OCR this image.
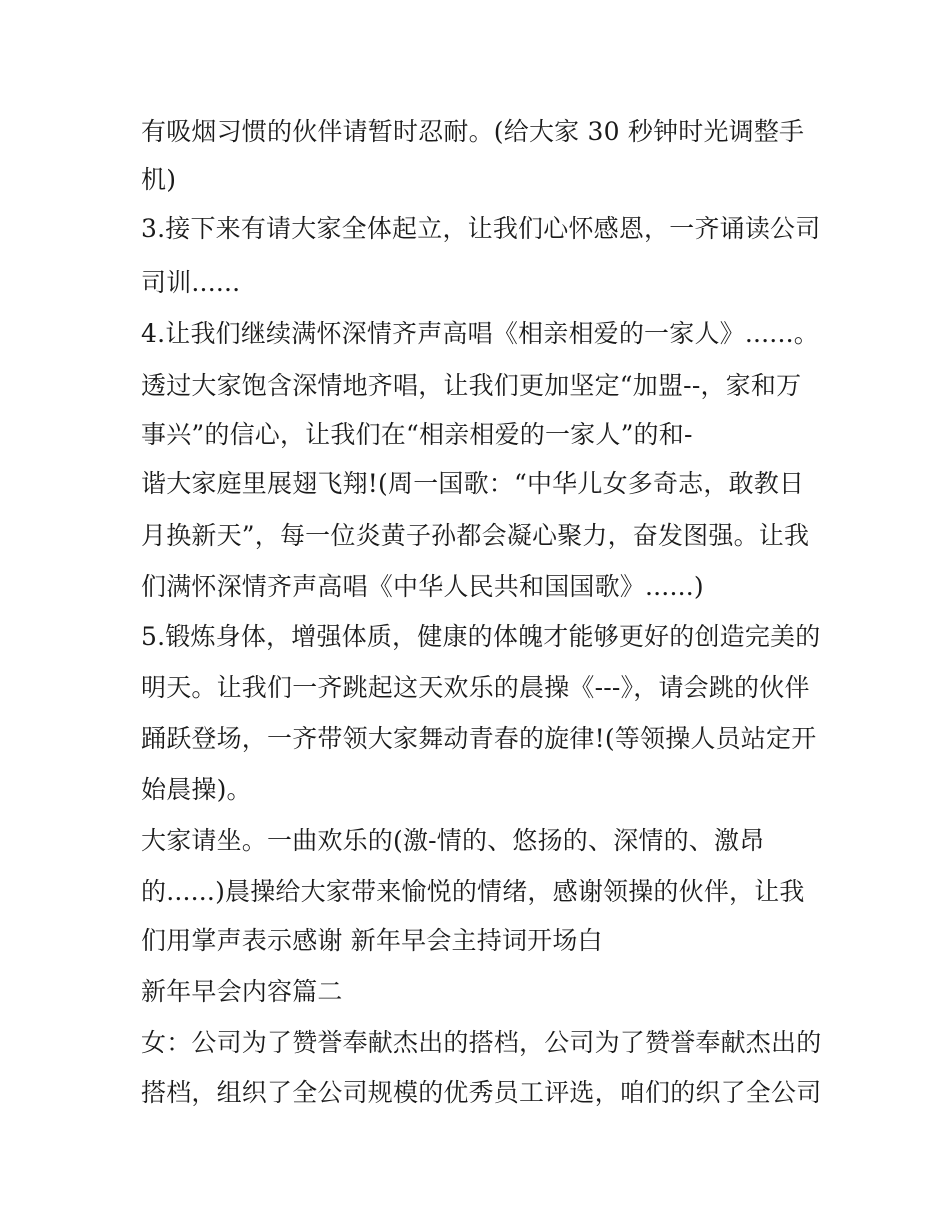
有吸烟习惯的伙伴请暂时忍耐。(给大家 30 秒钟时光调整手
机)
3.接下来有请大家全体起立，让我们心怀感恩，一齐诵读公司
司训......
4.让我们继续满怀深情齐声高唱《相亲相爱的一家人》......。
透过大家饱含深情地齐唱，让我们更加坚定“加盟--，家和万
事兴”的信心，让我们在“相亲相爱的一家人”的和-
谐大家庭里展翅飞翔!(周一国歌：“中华儿女多奇志，敢教日
月换新天”，每一位炎黄子孙都会凝心聚力，奋发图强。让我
们满怀深情齐声高唱《中华人民共和国国歌》......)
5.锻炼身体，增强体质，健康的体魄才能够更好的创造完美的
明天。让我们一齐跳起这天欢乐的晨操《---》，请会跳的伙伴
踊跃登场，一齐带领大家舞动青春的旋律!(等领操人员站定开
始晨操)。
大家请坐。一曲欢乐的(激-情的、悠扬的、深情的、激昂
的......)晨操给大家带来愉悦的情绪，感谢领操的伙伴，让我
们用掌声表示感谢 新年早会主持词开场白
新年早会内容篇二
女：公司为了赞誉奉献杰出的搭档，公司为了赞誉奉献杰出的
搭档，组织了全公司规模的优秀员工评选，咱们的织了全公司
